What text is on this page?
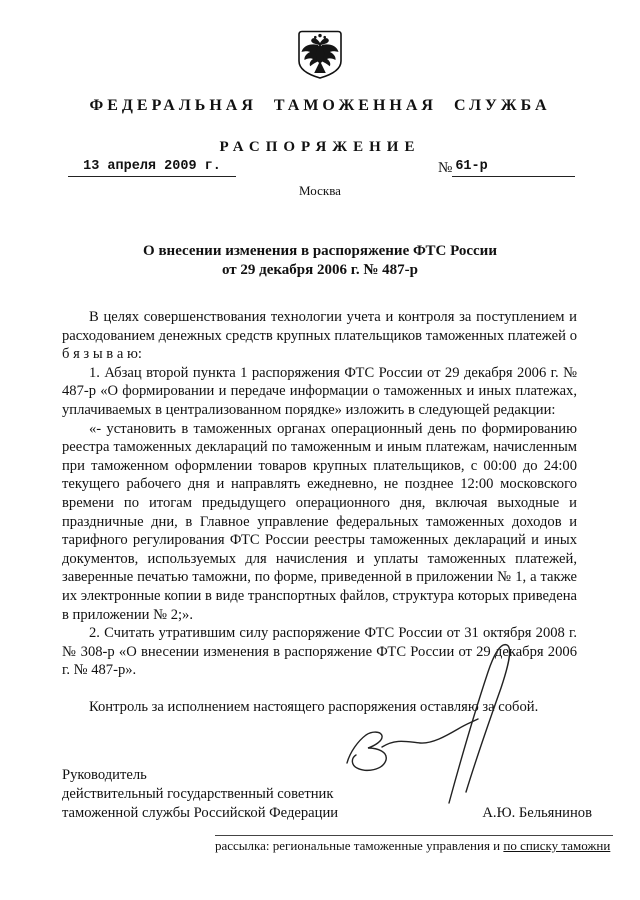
ФЕДЕРАЛЬНАЯ ТАМОЖЕННАЯ СЛУЖБА
РАСПОРЯЖЕНИЕ
13 апреля 2009 г.	№ 61-р
Москва
О внесении изменения в распоряжение ФТС России
от 29 декабря 2006 г. № 487-р

В целях совершенствования технологии учета и контроля за поступлением и расходованием денежных средств крупных плательщиков таможенных платежей о б я з ы в а ю:

1. Абзац второй пункта 1 распоряжения ФТС России от 29 декабря 2006 г. № 487-р «О формировании и передаче информации о таможенных и иных платежах, уплачиваемых в централизованном порядке» изложить в следующей редакции:

«- установить в таможенных органах операционный день по формированию реестра таможенных деклараций по таможенным и иным платежам, начисленным при таможенном оформлении товаров крупных плательщиков, с 00:00 до 24:00 текущего рабочего дня и направлять ежедневно, не позднее 12:00 московского времени по итогам предыдущего операционного дня, включая выходные и праздничные дни, в Главное управление федеральных таможенных доходов и тарифного регулирования ФТС России реестры таможенных деклараций и иных документов, используемых для начисления и уплаты таможенных платежей, заверенные печатью таможни, по форме, приведенной в приложении № 1, а также их электронные копии в виде транспортных файлов, структура которых приведена в приложении № 2;».

2. Считать утратившим силу распоряжение ФТС России от 31 октября 2008 г. № 308-р «О внесении изменения в распоряжение ФТС России от 29 декабря 2006 г. № 487-р».

Контроль за исполнением настоящего распоряжения оставляю за собой.

Руководитель
действительный государственный советник
таможенной службы Российской Федерации	А.Ю. Бельянинов
рассылка: региональные таможенные управления и по списку таможни
